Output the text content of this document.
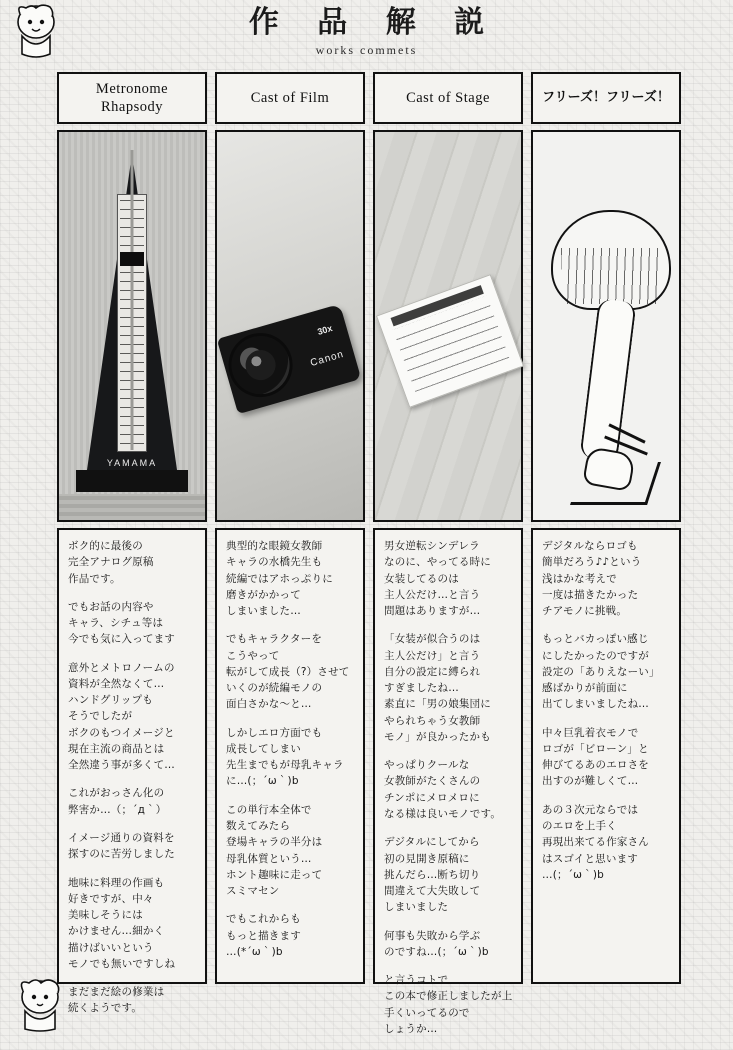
作 品 解 説
works commets
Metronome Rhapsody
YAMAMA

ボク的に最後の
完全アナログ原稿
作品です。

でもお話の内容や
キャラ、シチュ等は
今でも気に入ってます

意外とメトロノームの
資料が全然なくて…
ハンドグリップも
そうでしたが
ボクのもつイメージと
現在主流の商品とは
全然違う事が多くて…

これがおっさん化の
弊害か…（；´д｀）

イメージ通りの資料を
探すのに苦労しました

地味に料理の作画も
好きですが、中々
美味しそうには
かけません…細かく
描けばいいという
モノでも無いですしね

まだまだ絵の修業は
続くようです。

Cast of Film
30x
Canon

典型的な眼鏡女教師
キャラの水橋先生も
続編ではアホっぷりに
磨きがかかって
しまいました…

でもキャラクターを
こうやって
転がして成長（?）させて
いくのが続編モノの
面白さかな～と…

しかしエロ方面でも
成長してしまい
先生までもが母乳キャラ
に…(；´ω｀)b

この単行本全体で
数えてみたら
登場キャラの半分は
母乳体質という…
ホント趣味に走って
スミマセン

でもこれからも
もっと描きます
…(*´ω｀)b

Cast of Stage

男女逆転シンデレラ
なのに、やってる時に
女装してるのは
主人公だけ…と言う
問題はありますが…

「女装が似合うのは
主人公だけ」と言う
自分の設定に縛られ
すぎましたね…
素直に「男の娘集団に
やられちゃう女教師
モノ」が良かったかも

やっぱりクールな
女教師がたくさんの
チンポにメロメロに
なる様は良いモノです。

デジタルにしてから
初の見開き原稿に
挑んだら…断ち切り
間違えて大失敗して
しまいました

何事も失敗から学ぶ
のですね…(；´ω｀)b

と言うコトで
この本で修正しましたが上手くいってるので
しょうか…

フリーズ！フリーズ！

デジタルならロゴも
簡単だろう♪♪という
浅はかな考えで
一度は描きたかった
チアモノに挑戦。

もっとバカっぽい感じ
にしたかったのですが
設定の「ありえなーい」
感ばかりが前面に
出てしまいましたね…

中々巨乳着衣モノで
ロゴが「ビローン」と
伸びてるあのエロさを
出すのが難しくて…

あの３次元ならでは
のエロを上手く
再現出来てる作家さん
はスゴイと思います
…(；´ω｀)b
